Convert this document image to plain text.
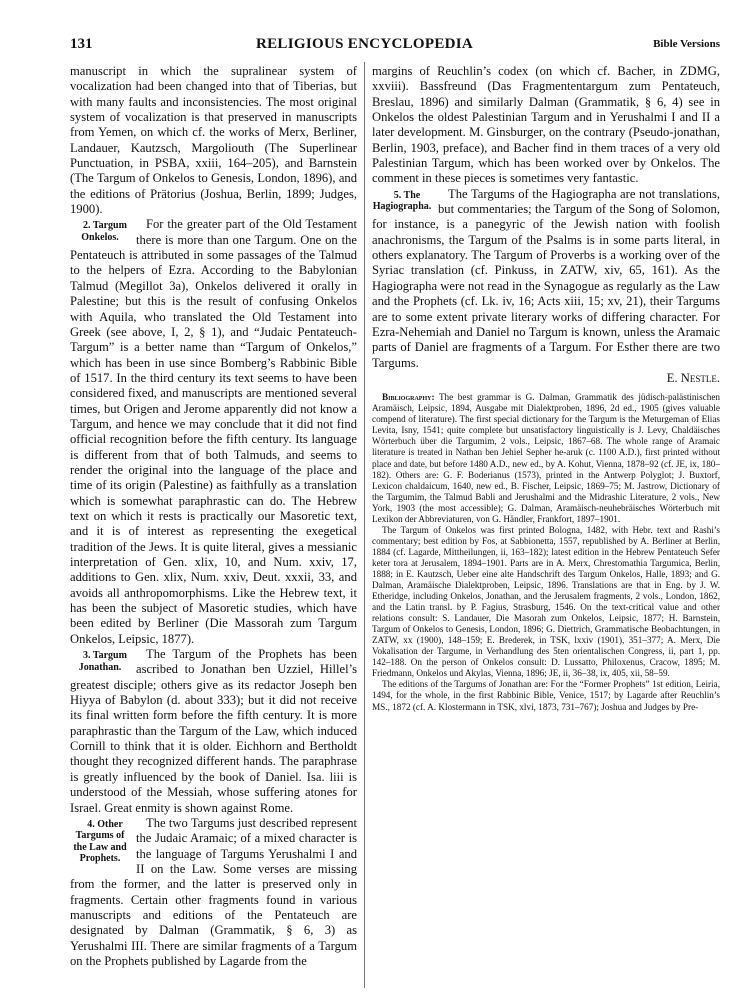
131	RELIGIOUS ENCYCLOPEDIA	Bible Versions

manuscript in which the supralinear system of vocalization had been changed into that of Tiberias, but with many faults and inconsistencies. The most original system of vocalization is that preserved in manuscripts from Yemen, on which cf. the works of Merx, Berliner, Landauer, Kautzsch, Margoliouth (The Superlinear Punctuation, in PSBA, xxiii, 164–205), and Barnstein (The Targum of Onkelos to Genesis, London, 1896), and the editions of Prätorius (Joshua, Berlin, 1899; Judges, 1900).

2. Targum Onkelos.
For the greater part of the Old Testament there is more than one Targum. One on the Pentateuch is attributed in some passages of the Talmud to the helpers of Ezra. According to the Babylonian Talmud (Megillot 3a), Onkelos delivered it orally in Palestine; but this is the result of confusing Onkelos with Aquila, who translated the Old Testament into Greek (see above, I, 2, § 1), and “Judaic Pentateuch-Targum” is a better name than “Targum of Onkelos,” which has been in use since Bomberg’s Rabbinic Bible of 1517. In the third century its text seems to have been considered fixed, and manuscripts are mentioned several times, but Origen and Jerome apparently did not know a Targum, and hence we may conclude that it did not find official recognition before the fifth century. Its language is different from that of both Talmuds, and seems to render the original into the language of the place and time of its origin (Palestine) as faithfully as a translation which is somewhat paraphrastic can do. The Hebrew text on which it rests is practically our Masoretic text, and it is of interest as representing the exegetical tradition of the Jews. It is quite literal, gives a messianic interpretation of Gen. xlix, 10, and Num. xxiv, 17, additions to Gen. xlix, Num. xxiv, Deut. xxxii, 33, and avoids all anthropomorphisms. Like the Hebrew text, it has been the subject of Masoretic studies, which have been edited by Berliner (Die Massorah zum Targum Onkelos, Leipsic, 1877).

3. Targum Jonathan.
The Targum of the Prophets has been ascribed to Jonathan ben Uzziel, Hillel’s greatest disciple; others give as its redactor Joseph ben Hiyya of Babylon (d. about 333); but it did not receive its final written form before the fifth century. It is more paraphrastic than the Targum of the Law, which induced Cornill to think that it is older. Eichhorn and Bertholdt thought they recognized different hands. The paraphrase is greatly influenced by the book of Daniel. Isa. liii is understood of the Messiah, whose suffering atones for Israel. Great enmity is shown against Rome.

4. Other Targums of the Law and Prophets.
The two Targums just described represent the Judaic Aramaic; of a mixed character is the language of Targums Yerushalmi I and II on the Law. Some verses are missing from the former, and the latter is preserved only in fragments. Certain other fragments found in various manuscripts and editions of the Pentateuch are designated by Dalman (Grammatik, § 6, 3) as Yerushalmi III. There are similar fragments of a Targum on the Prophets published by Lagarde from the

margins of Reuchlin’s codex (on which cf. Bacher, in ZDMG, xxviii). Bassfreund (Das Fragmententargum zum Pentateuch, Breslau, 1896) and similarly Dalman (Grammatik, § 6, 4) see in Onkelos the oldest Palestinian Targum and in Yerushalmi I and II a later development. M. Ginsburger, on the contrary (Pseudo-jonathan, Berlin, 1903, preface), and Bacher find in them traces of a very old Palestinian Targum, which has been worked over by Onkelos. The comment in these pieces is sometimes very fantastic.

5. The Hagiographa.
The Targums of the Hagiographa are not translations, but commentaries; the Targum of the Song of Solomon, for instance, is a panegyric of the Jewish nation with foolish anachronisms, the Targum of the Psalms is in some parts literal, in others explanatory. The Targum of Proverbs is a working over of the Syriac translation (cf. Pinkuss, in ZATW, xiv, 65, 161). As the Hagiographa were not read in the Synagogue as regularly as the Law and the Prophets (cf. Lk. iv, 16; Acts xiii, 15; xv, 21), their Targums are to some extent private literary works of differing character. For Ezra-Nehemiah and Daniel no Targum is known, unless the Aramaic parts of Daniel are fragments of a Targum. For Esther there are two Targums.

E. Nestle.

Bibliography: The best grammar is G. Dalman, Grammatik des jüdisch-palästinischen Aramäisch, Leipsic, 1894, Ausgabe mit Dialektproben, 1896, 2d ed., 1905 (gives valuable compend of literature). The first special dictionary for the Targum is the Meturgeman of Elias Levita, Isny, 1541; quite complete but unsatisfactory linguistically is J. Levy, Chaldäisches Wörterbuch über die Targumim, 2 vols., Leipsic, 1867–68. The whole range of Aramaic literature is treated in Nathan ben Jehiel Sepher he-aruk (c. 1100 A.D.), first printed without place and date, but before 1480 A.D., new ed., by A. Kohut, Vienna, 1878–92 (cf. JE, ix, 180–182). Others are: G. F. Boderianus (1573), printed in the Antwerp Polyglot; J. Buxtorf, Lexicon chaldaicum, 1640, new ed., B. Fischer, Leipsic, 1869–75; M. Jastrow, Dictionary of the Targumim, the Talmud Babli and Jerushalmi and the Midrashic Literature, 2 vols., New York, 1903 (the most accessible); G. Dalman, Aramäisch-neuhebräisches Wörterbuch mit Lexikon der Abbreviaturen, von G. Händler, Frankfort, 1897–1901.

The Targum of Onkelos was first printed Bologna, 1482, with Hebr. text and Rashi’s commentary; best edition by Fos, at Sabbionetta, 1557, republished by A. Berliner at Berlin, 1884 (cf. Lagarde, Mittheilungen, ii, 163–182); latest edition in the Hebrew Pentateuch Sefer keter tora at Jerusalem, 1894–1901. Parts are in A. Merx, Chrestomathia Targumica, Berlin, 1888; in E. Kautzsch, Ueber eine alte Handschrift des Targum Onkelos, Halle, 1893; and G. Dalman, Aramäische Dialektproben, Leipsic, 1896. Translations are that in Eng. by J. W. Etheridge, including Onkelos, Jonathan, and the Jerusalem fragments, 2 vols., London, 1862, and the Latin transl. by P. Fagius, Strasburg, 1546. On the text-critical value and other relations consult: S. Landauer, Die Masorah zum Onkelos, Leipsic, 1877; H. Barnstein, Targum of Onkelos to Genesis, London, 1896; G. Diettrich, Grammatische Beobachtungen, in ZATW, xx (1900), 148–159; E. Brederek, in TSK, lxxiv (1901), 351–377; A. Merx, Die Vokalisation der Targume, in Verhandlung des 5ten orientalischen Congress, ii, part 1, pp. 142–188. On the person of Onkelos consult: D. Lussatto, Philoxenus, Cracow, 1895; M. Friedmann, Onkelos und Akylas, Vienna, 1896; JE, ii, 36–38, ix, 405, xii, 58–59.

The editions of the Targums of Jonathan are: For the “Former Prophets” 1st edition, Leiria, 1494, for the whole, in the first Rabbinic Bible, Venice, 1517; by Lagarde after Reuchlin’s MS., 1872 (cf. A. Klostermann in TSK, xlvi, 1873, 731–767); Joshua and Judges by Pre-
